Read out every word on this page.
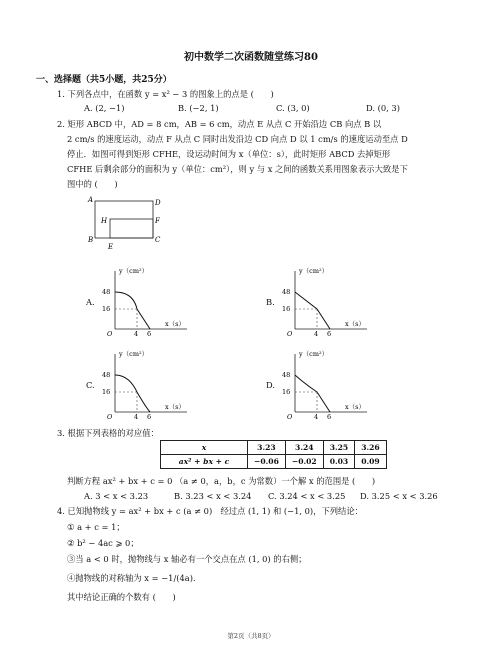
初中数学二次函数随堂练习80
一、选择题（共5小题，共25分）
1. 下列各点中，在函数 y = x² − 3 的图象上的点是 (　　)
A. (2, −1)	B. (−2, 1)	C. (3, 0)	D. (0, 3)
2. 矩形 ABCD 中，AD = 8 cm，AB = 6 cm，动点 E 从点 C 开始沿边 CB 向点 B 以
2 cm/s 的速度运动，动点 F 从点 C 同时出发沿边 CD 向点 D 以 1 cm/s 的速度运动至点 D
停止．如图可得到矩形 CFHE，设运动时间为 x（单位：s），此时矩形 ABCD 去掉矩形
CFHE 后剩余部分的面积为 y（单位：cm²），则 y 与 x 之间的函数关系用图象表示大致是下
图中的 (　　)
A	D
H	F
B
E
C
A.
y（cm²）
x（s）
48
16
O	4 6
B.
y（cm²）
x（s）
48
16
O	4 6
C.
y（cm²）
x（s）
48
16
O	4 6
D.
y（cm²）
x（s）
48
16
O	4 6
3. 根据下列表格的对应值：
x	3.23	3.24	3.25	3.26
ax² + bx + c	−0.06	−0.02	0.03	0.09
判断方程 ax² + bx + c = 0 （a ≠ 0，a，b，c 为常数）一个解 x 的范围是 (　　)
A. 3 < x < 3.23	B. 3.23 < x < 3.24 C. 3.24 < x < 3.25 D. 3.25 < x < 3.26
4. 已知抛物线 y = ax² + bx + c (a ≠ 0)　经过点 (1, 1) 和 (−1, 0)，下列结论：
① a + c = 1；
② b² − 4ac ⩾ 0；
③当 a < 0 时，抛物线与 x 轴必有一个交点在点 (1, 0) 的右侧；
④抛物线的对称轴为 x = −1/(4a)．
其中结论正确的个数有 (　　)
第2页（共8页）
